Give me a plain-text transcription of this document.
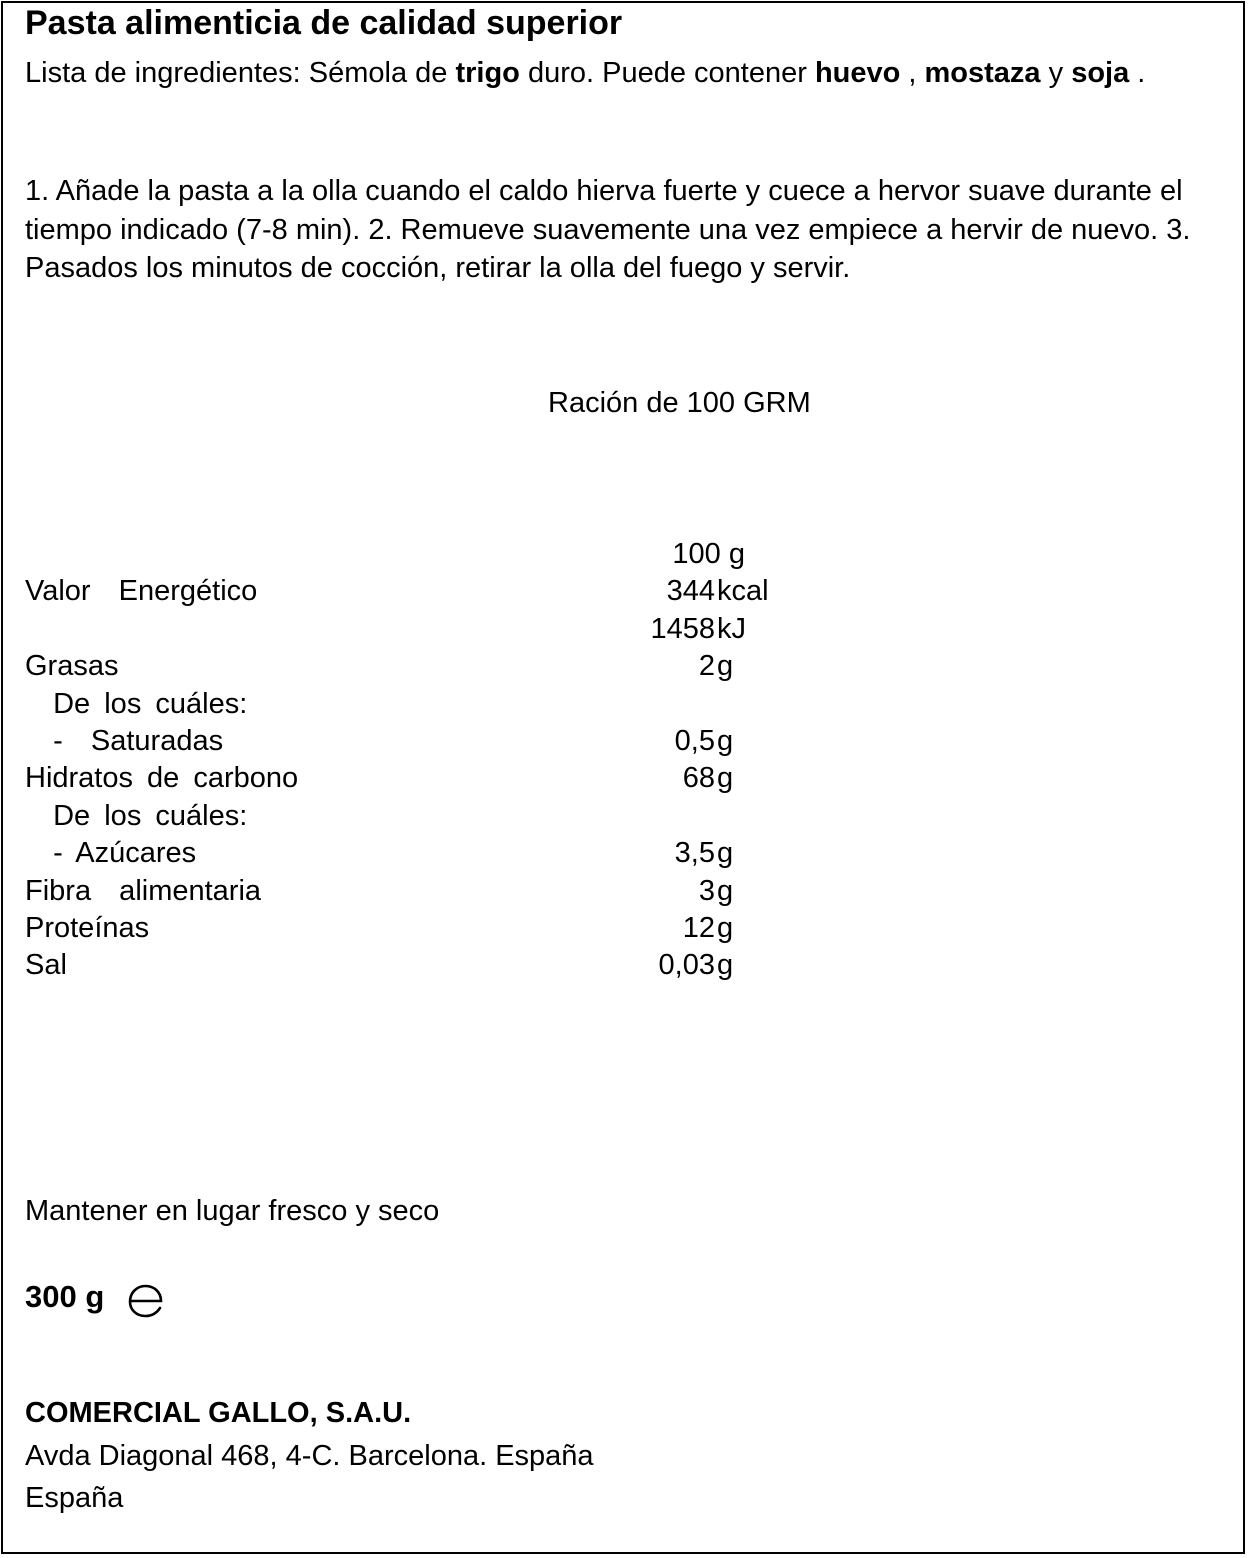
Pasta alimenticia de calidad superior
Lista de ingredientes: Sémola de trigo duro. Puede contener huevo , mostaza y soja .
1. Añade la pasta a la olla cuando el caldo hierva fuerte y cuece a hervor suave durante el tiempo indicado (7-8 min). 2. Remueve suavemente una vez empiece a hervir de nuevo. 3. Pasados los minutos de cocción, retirar la olla del fuego y servir.
Ración de 100 GRM
100 g
Valor  Energético	344 kcal
1458 kJ
Grasas	2 g
De los cuáles:
-  Saturadas	0,5 g
Hidratos de carbono	68 g
De los cuáles:
- Azúcares	3,5 g
Fibra  alimentaria	3 g
Proteínas	12 g
Sal	0,03 g
Mantener en lugar fresco y seco
300 g
COMERCIAL GALLO, S.A.U.
Avda Diagonal 468, 4-C. Barcelona. España
España
